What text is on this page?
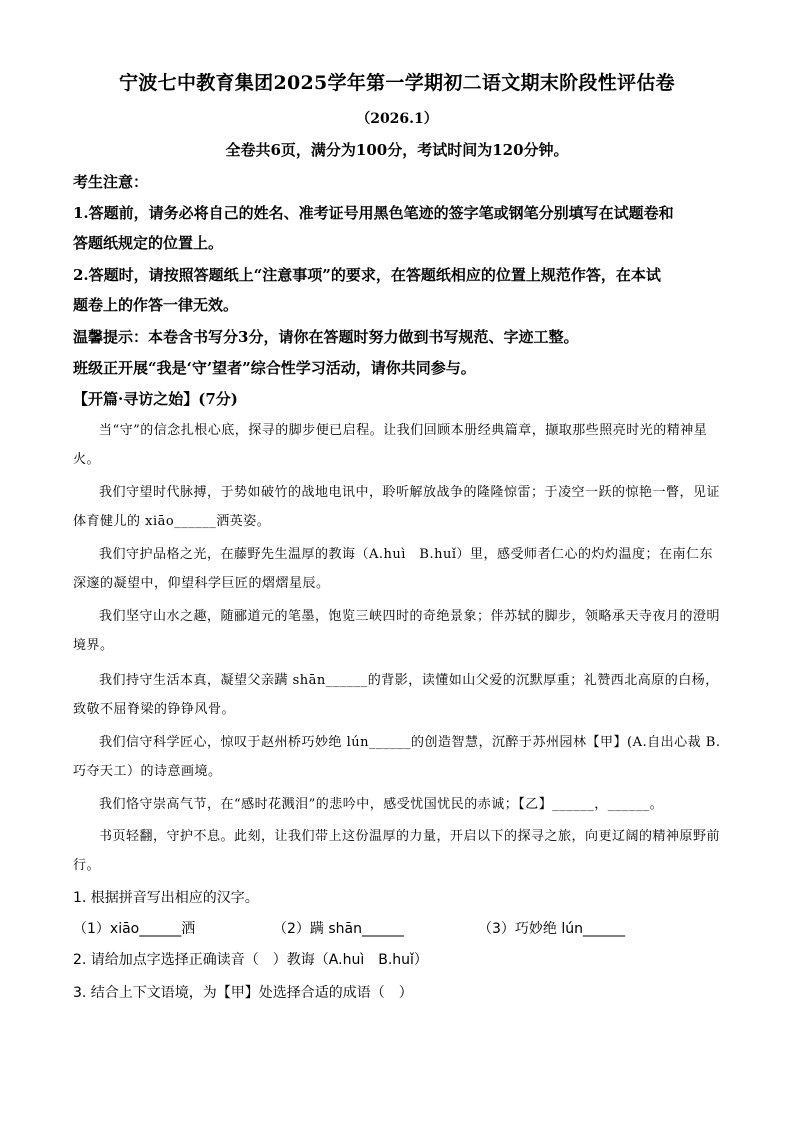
宁波七中教育集团2025学年第一学期初二语文期末阶段性评估卷
（2026.1）
全卷共6页，满分为100分，考试时间为120分钟。
考生注意：
1.答题前，请务必将自己的姓名、准考证号用黑色笔迹的签字笔或钢笔分别填写在试题卷和
答题纸规定的位置上。
2.答题时，请按照答题纸上“注意事项”的要求，在答题纸相应的位置上规范作答，在本试
题卷上的作答一律无效。
温馨提示：本卷含书写分3分，请你在答题时努力做到书写规范、字迹工整。
班级正开展“我是‘守’望者”综合性学习活动，请你共同参与。
【开篇·寻访之始】(7分)
当“守”的信念扎根心底，探寻的脚步便已启程。让我们回顾本册经典篇章，撷取那些照亮时光的精神星火。
我们守望时代脉搏，于势如破竹的战地电讯中，聆听解放战争的隆隆惊雷；于凌空一跃的惊艳一瞥，见证体育健儿的 xiāo______洒英姿。
我们守护品格之光，在藤野先生温厚的教诲（A.huì　B.huǐ）里，感受师者仁心的灼灼温度；在南仁东深邃的凝望中，仰望科学巨匠的熠熠星辰。
我们坚守山水之趣，随郦道元的笔墨，饱览三峡四时的奇绝景象；伴苏轼的脚步，领略承天寺夜月的澄明境界。
我们持守生活本真，凝望父亲蹒 shān______的背影，读懂如山父爱的沉默厚重；礼赞西北高原的白杨，致敬不屈脊梁的铮铮风骨。
我们信守科学匠心，惊叹于赵州桥巧妙绝 lún______的创造智慧，沉醉于苏州园林【甲】(A.自出心裁 B.巧夺天工）的诗意画境。
我们恪守崇高气节，在“感时花溅泪”的悲吟中，感受忧国忧民的赤诚；【乙】______，______。
书页轻翻，守护不息。此刻，让我们带上这份温厚的力量，开启以下的探寻之旅，向更辽阔的精神原野前行。
1. 根据拼音写出相应的汉字。
（1）xiāo______洒	（2）蹒 shān______	（3）巧妙绝 lún______
2. 请给加点字选择正确读音（　）教诲（A.huì　B.huǐ）
3. 结合上下文语境，为【甲】处选择合适的成语（　）
